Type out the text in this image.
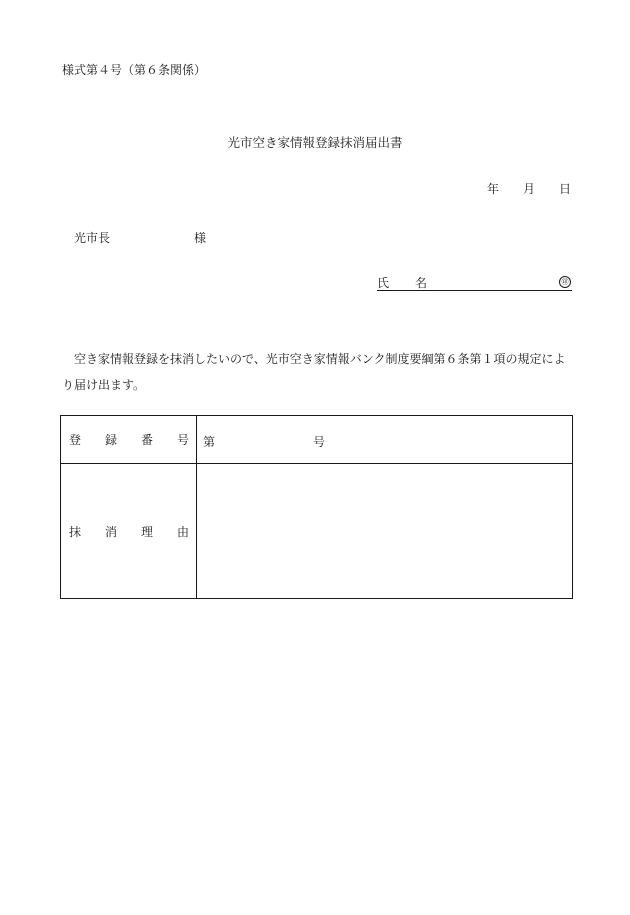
様式第４号（第６条関係）
光市空き家情報登録抹消届出書
年 月 日
光市長	様
氏 名	㊞
空き家情報登録を抹消したいので、光市空き家情報バンク制度要綱第６条第１項の規定によ
り届け出ます。
登 録 番 号	第 号

抹 消 理 由	
